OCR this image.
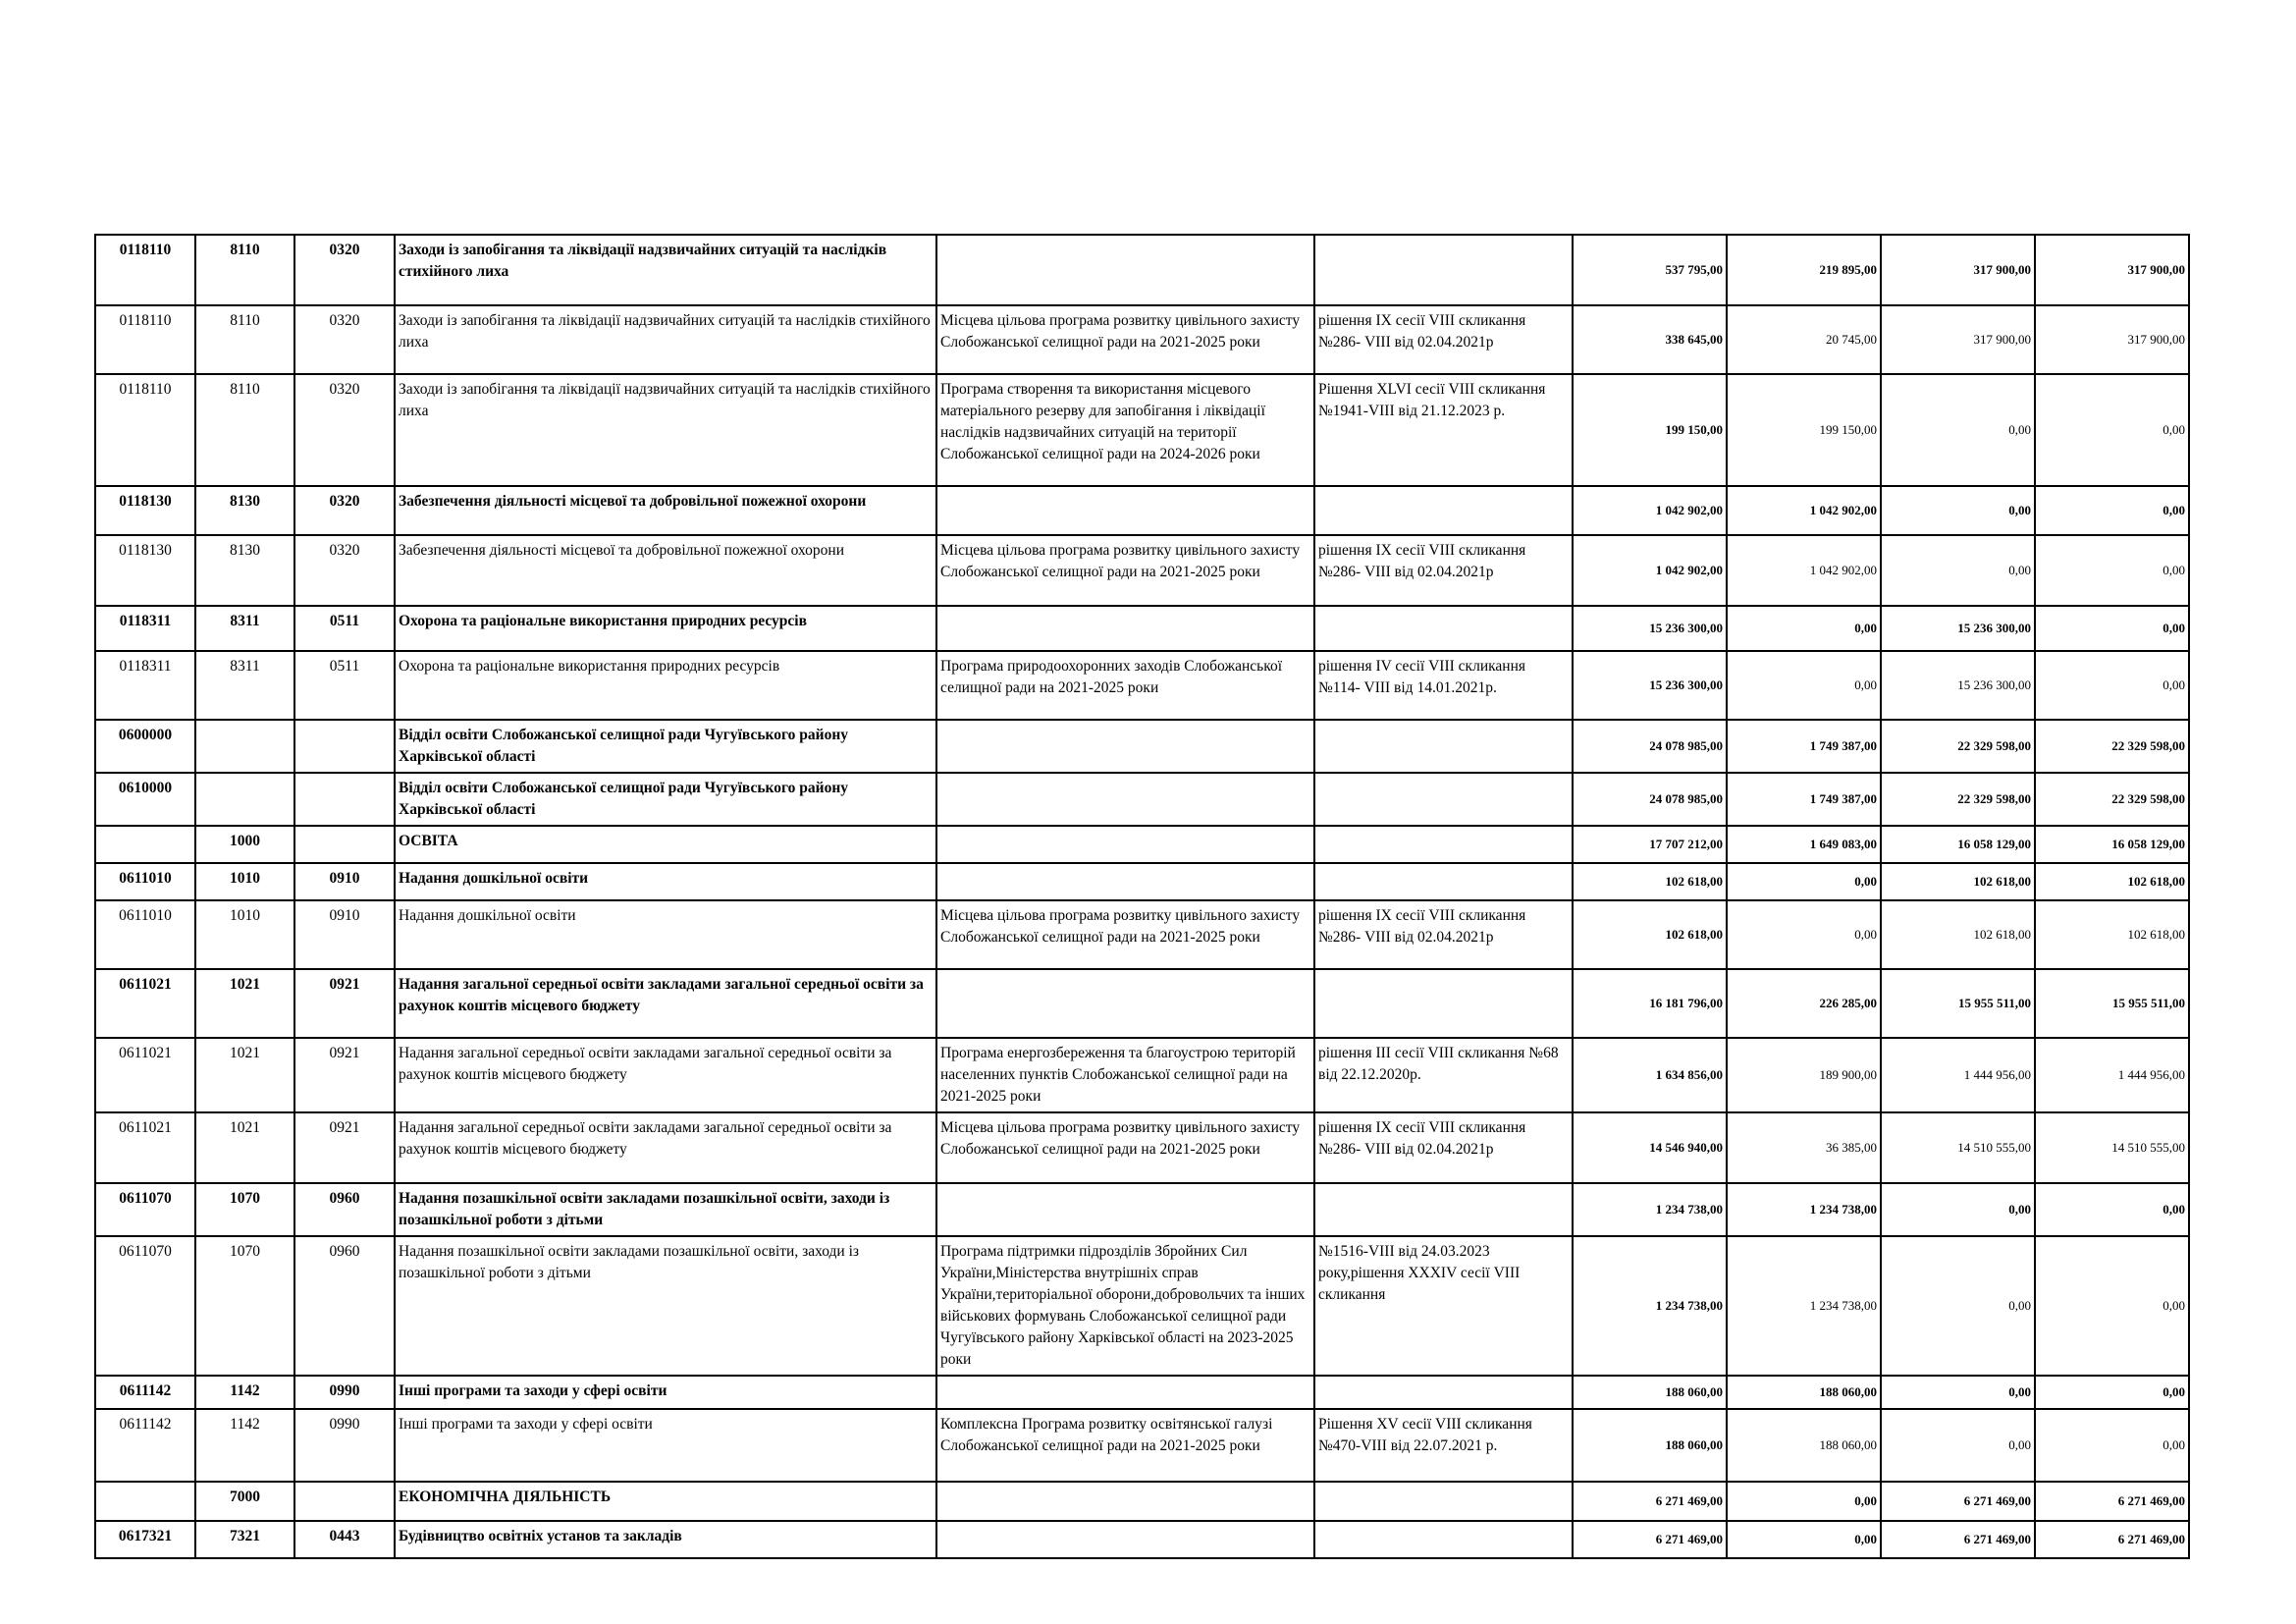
0118110	8110	0320	Заходи із запобігання та ліквідації надзвичайних ситуацій та наслідків стихійного лиха			537 795,00	219 895,00	317 900,00	317 900,00
0118110	8110	0320	Заходи із запобігання та ліквідації надзвичайних ситуацій та наслідків стихійного лиха	Місцева цільова програма розвитку цивільного захисту Слобожанської селищної ради на 2021-2025 роки	рішення IX сесії VIII скликання №286- VIII від 02.04.2021р	338 645,00	20 745,00	317 900,00	317 900,00
0118110	8110	0320	Заходи із запобігання та ліквідації надзвичайних ситуацій та наслідків стихійного лиха	Програма створення та використання місцевого матеріального резерву для запобігання і ліквідації наслідків надзвичайних ситуацій на території Слобожанської селищної ради на 2024-2026 роки	Рішення XLVI сесії VIII скликання №1941-VIII від 21.12.2023 р.	199 150,00	199 150,00	0,00	0,00
0118130	8130	0320	Забезпечення діяльності місцевої та добровільної пожежної охорони			1 042 902,00	1 042 902,00	0,00	0,00
0118130	8130	0320	Забезпечення діяльності місцевої та добровільної пожежної охорони	Місцева цільова програма розвитку цивільного захисту Слобожанської селищної ради на 2021-2025 роки	рішення IX сесії VIII скликання №286- VIII від 02.04.2021р	1 042 902,00	1 042 902,00	0,00	0,00
0118311	8311	0511	Охорона та раціональне використання природних ресурсів			15 236 300,00	0,00	15 236 300,00	0,00
0118311	8311	0511	Охорона та раціональне використання природних ресурсів	Програма природоохоронних заходів Слобожанської селищної ради на 2021-2025 роки	рішення IV сесії VIII скликання №114- VIII від 14.01.2021р.	15 236 300,00	0,00	15 236 300,00	0,00
0600000			Відділ освіти Слобожанської селищної ради Чугуївського району Харківської області			24 078 985,00	1 749 387,00	22 329 598,00	22 329 598,00
0610000			Відділ освіти Слобожанської селищної ради Чугуївського району Харківської області			24 078 985,00	1 749 387,00	22 329 598,00	22 329 598,00
	1000		ОСВІТА			17 707 212,00	1 649 083,00	16 058 129,00	16 058 129,00
0611010	1010	0910	Надання дошкільної освіти			102 618,00	0,00	102 618,00	102 618,00
0611010	1010	0910	Надання дошкільної освіти	Місцева цільова програма розвитку цивільного захисту Слобожанської селищної ради на 2021-2025 роки	рішення IX сесії VIII скликання №286- VIII від 02.04.2021р	102 618,00	0,00	102 618,00	102 618,00
0611021	1021	0921	Надання загальної середньої освіти закладами загальної середньої освіти за рахунок коштів місцевого бюджету			16 181 796,00	226 285,00	15 955 511,00	15 955 511,00
0611021	1021	0921	Надання загальної середньої освіти закладами загальної середньої освіти за рахунок коштів місцевого бюджету	Програма енергозбереження та благоустрою територій населенних пунктів Слобожанської селищної ради на 2021-2025 роки	рішення III сесії VIII скликання №68 від 22.12.2020р.	1 634 856,00	189 900,00	1 444 956,00	1 444 956,00
0611021	1021	0921	Надання загальної середньої освіти закладами загальної середньої освіти за рахунок коштів місцевого бюджету	Місцева цільова програма розвитку цивільного захисту Слобожанської селищної ради на 2021-2025 роки	рішення IX сесії VIII скликання №286- VIII від 02.04.2021р	14 546 940,00	36 385,00	14 510 555,00	14 510 555,00
0611070	1070	0960	Надання позашкільної освіти закладами позашкільної освіти, заходи із позашкільної роботи з дітьми			1 234 738,00	1 234 738,00	0,00	0,00
0611070	1070	0960	Надання позашкільної освіти закладами позашкільної освіти, заходи із позашкільної роботи з дітьми	Програма підтримки підрозділів Збройних Сил України,Міністерства внутрішніх справ України,територіальної оборони,добровольчих та інших військових формувань Слобожанської селищної ради Чугуївського району Харківської області на 2023-2025 роки	№1516-VIII від 24.03.2023 року,рішення XXXIV сесії VIII скликання	1 234 738,00	1 234 738,00	0,00	0,00
0611142	1142	0990	Інші програми та заходи у сфері освіти			188 060,00	188 060,00	0,00	0,00
0611142	1142	0990	Інші програми та заходи у сфері освіти	Комплексна Програма розвитку освітянської галузі Слобожанської селищної ради на 2021-2025 роки	Рішення XV сесії VIII скликання №470-VIII від 22.07.2021 р.	188 060,00	188 060,00	0,00	0,00
	7000		ЕКОНОМІЧНА ДІЯЛЬНІСТЬ			6 271 469,00	0,00	6 271 469,00	6 271 469,00
0617321	7321	0443	Будівництво освітніх установ та закладів			6 271 469,00	0,00	6 271 469,00	6 271 469,00
